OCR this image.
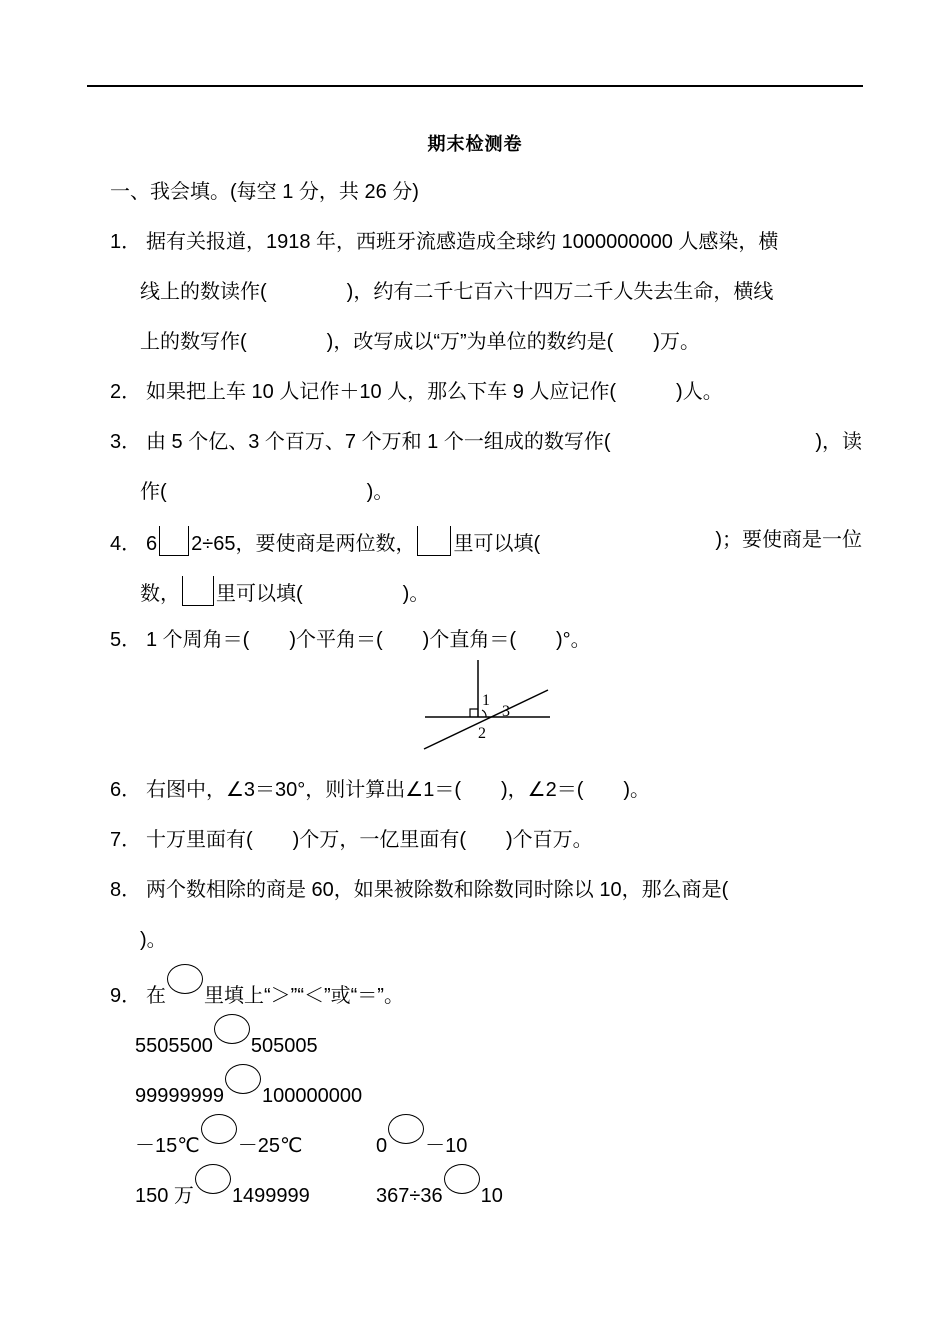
期末检测卷
一、我会填。(每空 1 分，共 26 分)
1． 据有关报道，1918 年，西班牙流感造成全球约 1000000000 人感染，横
线上的数读作(　　　　)，约有二千七百六十四万二千人失去生命，横线
上的数写作(　　　　)，改写成以“万”为单位的数约是(　　)万。
2． 如果把上车 10 人记作＋10 人，那么下车 9 人应记作(　　　)人。
3． 由 5 个亿、3 个百万、7 个万和 1 个一组成的数写作(	)，读
作(　　　　　　　　　　)。
4． 6 2÷65，要使商是两位数， 里可以填(	)；要使商是一位
数， 里可以填(　　　　　)。
5． 1 个周角＝(　　)个平角＝(　　)个直角＝(　　)°。
1
2
3
6． 右图中，∠3＝30°，则计算出∠1＝(　　)，∠2＝(　　)。
7． 十万里面有(　　)个万，一亿里面有(　　)个百万。
8． 两个数相除的商是 60，如果被除数和除数同时除以 10，那么商是(
)。
9． 在 里填上“＞”“＜”或“＝”。
5505500 505005
99999999 100000000
－15℃ －25℃	0 －10
150 万 1499999	367÷36 10
